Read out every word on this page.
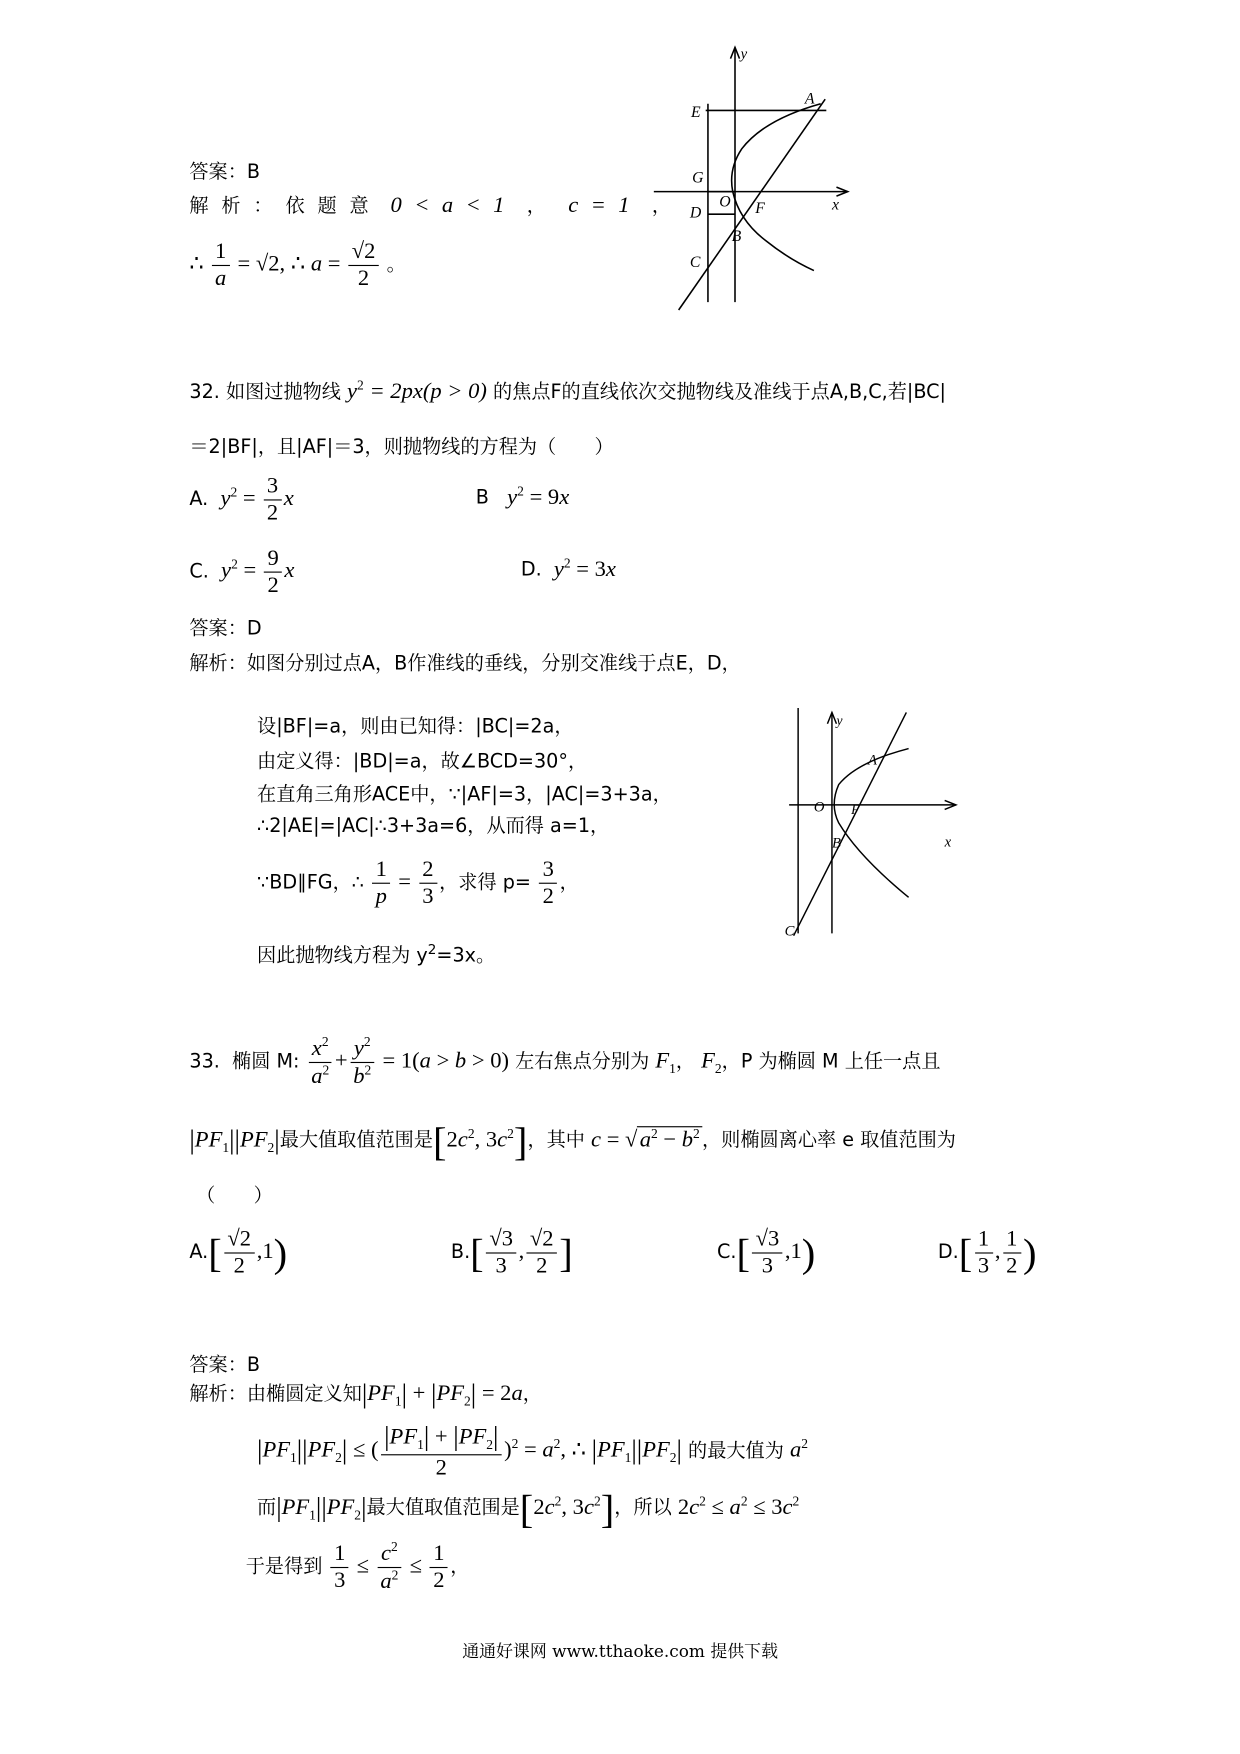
y
x
A
E
G
D
O F
B
C
答案：B
解 析 ： 依 题 意  0 < a < 1  ，  c = 1  ，
∴ $\frac{1}{a} = √2$, ∴ $a = \frac{√2}{2}$ 。
32. 如图过抛物线 $y^2 = 2px(p > 0)$ 的焦点F的直线依次交抛物线及准线于点A,B,C,若|BC|
＝2|BF|，且|AF|＝3，则抛物线的方程为（　　）
A.  $y^2 = \frac{3}{2}$ x	B   $y^2 = 9x$
C.  $y^2 = \frac{9}{2}$ x	D.  $y^2 = 3x$
答案：D
解析：如图分别过点A，B作准线的垂线，分别交准线于点E，D，
设|BF|=a，则由已知得：|BC|=2a，
由定义得：|BD|=a，故∠BCD=30°，
在直角三角形ACE中，∵|AF|=3，|AC|=3+3a，
∴2|AE|=|AC|∴3+3a=6，从而得 a=1，
∵BD∥FG，∴ $\frac{1}{p} = \frac{2}{3}$ ，求得 $p= \frac{3}{2}$ ，
因此抛物线方程为 $y^2=3x$。
y
x
A
O F
B
C
33.  椭圆 M: $\frac{x^2}{a^2} + \frac{y^2}{b^2} = 1(a > b > 0)$ 左右焦点分别为 $F_1$， $F_2$，P 为椭圆 M 上任一点且
$|PF_1||PF_2|$最大值取值范围是[$2c^2$, $3c^2$]，其中 c = √ $a^2 - b^2$ ，则椭圆离心率 e 取值范围为
（　　）
$A.[ \frac{√2}{2} ,1)$	$B.[ \frac{√3}{3}$ , $\frac{√2}{2}$ ]	$C.[ \frac{√3}{3} ,1)$	$D.[ \frac{1}{3}$ , $\frac{1}{2}$ )
答案：B
解析：由椭圆定义知$|PF_1| + |PF_2| = 2a$，
$|PF_1||PF_2|$ ≤ ( $\frac{|PF_1| + |PF_2|}{2} )^2 = a^2$, ∴ $|PF_1||PF_2|$ 的最大值为 $a^2$
而$|PF_1||PF_2|$最大值取值范围是[$2c^2$, $3c^2$]，所以 $2c^2 \le a^2 \le 3c^2$
于是得到 $\frac{1}{3} \le \frac{c^2}{a^2} \le \frac{1}{2}$ ，
通通好课网 www.tthaoke.com 提供下载
